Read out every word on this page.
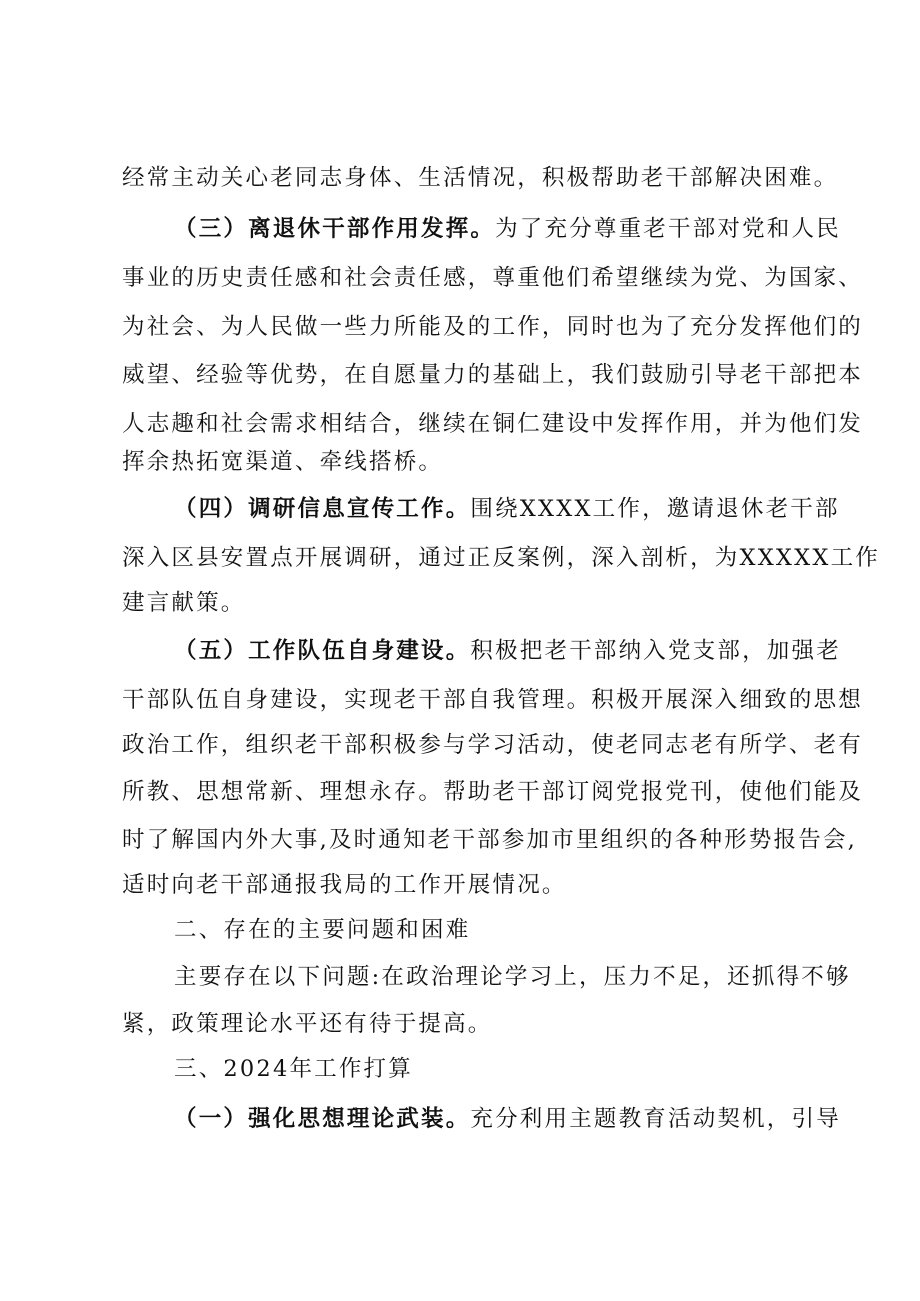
经常主动关心老同志身体、生活情况，积极帮助老干部解决困难。
（三）离退休干部作用发挥。为了充分尊重老干部对党和人民
事业的历史责任感和社会责任感，尊重他们希望继续为党、为国家、
为社会、为人民做一些力所能及的工作，同时也为了充分发挥他们的
威望、经验等优势，在自愿量力的基础上，我们鼓励引导老干部把本
人志趣和社会需求相结合，继续在铜仁建设中发挥作用，并为他们发
挥余热拓宽渠道、牵线搭桥。
（四）调研信息宣传工作。围绕XXXX工作，邀请退休老干部
深入区县安置点开展调研，通过正反案例，深入剖析，为XXXXX工作
建言献策。
（五）工作队伍自身建设。积极把老干部纳入党支部，加强老
干部队伍自身建设，实现老干部自我管理。积极开展深入细致的思想
政治工作，组织老干部积极参与学习活动，使老同志老有所学、老有
所教、思想常新、理想永存。帮助老干部订阅党报党刊，使他们能及
时了解国内外大事,及时通知老干部参加市里组织的各种形势报告会,
适时向老干部通报我局的工作开展情况。
二、存在的主要问题和困难
主要存在以下问题:在政治理论学习上，压力不足，还抓得不够
紧，政策理论水平还有待于提高。
三、2024年工作打算
（一）强化思想理论武装。充分利用主题教育活动契机，引导
